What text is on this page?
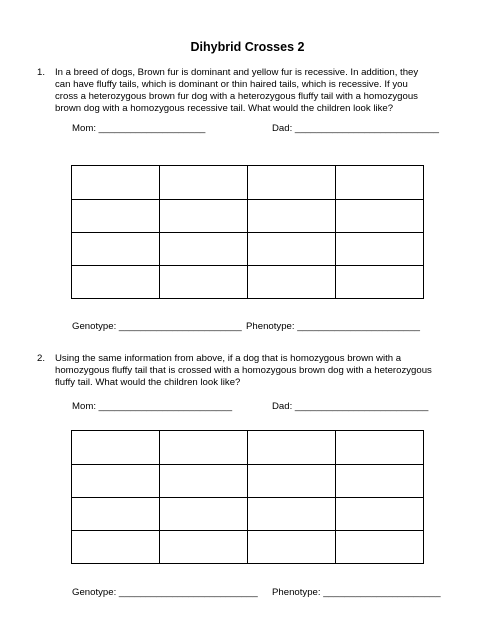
Dihybrid Crosses 2
1. In a breed of dogs, Brown fur is dominant and yellow fur is recessive. In addition, they
can have fluffy tails, which is dominant or thin haired tails, which is recessive. If you
cross a heterozygous brown fur dog with a heterozygous fluffy tail with a homozygous
brown dog with a homozygous recessive tail. What would the children look like?
Mom: ____________________	Dad: ___________________________

Genotype: _______________________ Phenotype: _______________________
2. Using the same information from above, if a dog that is homozygous brown with a
homozygous fluffy tail that is crossed with a homozygous brown dog with a heterozygous
fluffy tail. What would the children look like?
Mom: _________________________	Dad: _________________________

Genotype: __________________________ Phenotype: ______________________
